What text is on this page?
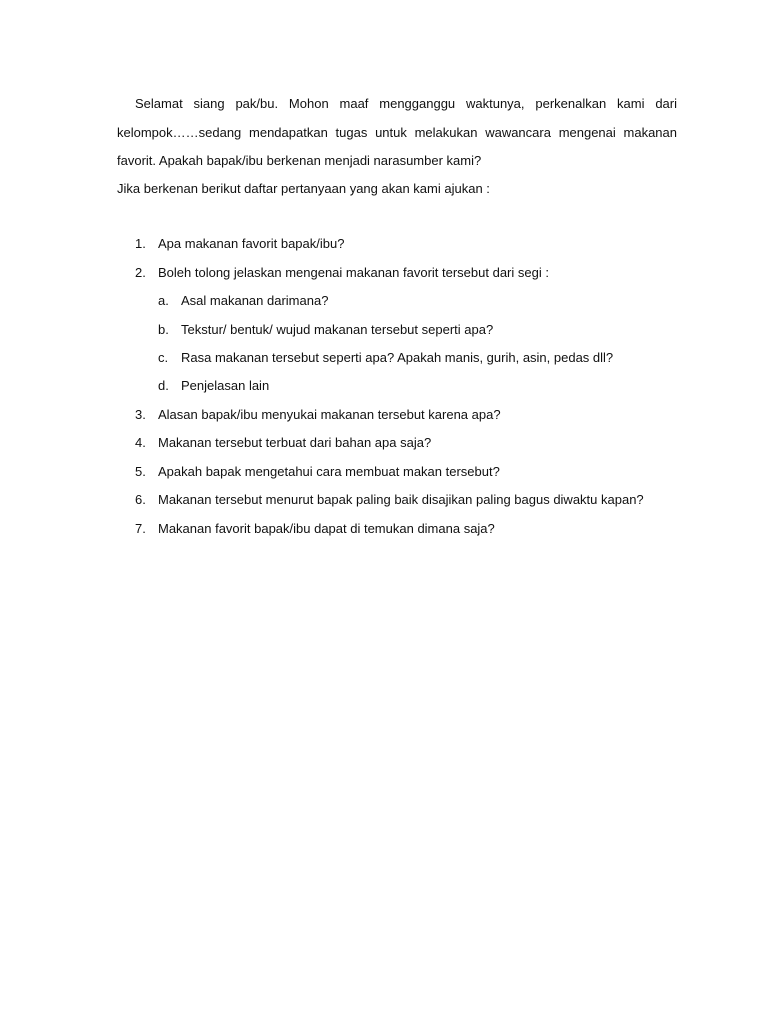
Selamat siang pak/bu. Mohon maaf mengganggu waktunya, perkenalkan kami dari kelompok……sedang mendapatkan tugas untuk melakukan wawancara mengenai makanan favorit. Apakah bapak/ibu berkenan menjadi narasumber kami?

Jika berkenan berikut daftar pertanyaan yang akan kami ajukan :

1. Apa makanan favorit bapak/ibu?
2. Boleh tolong jelaskan mengenai makanan favorit tersebut dari segi :
a. Asal makanan darimana?
b. Tekstur/ bentuk/ wujud makanan tersebut seperti apa?
c. Rasa makanan tersebut seperti apa? Apakah manis, gurih, asin, pedas dll?
d. Penjelasan lain
3. Alasan bapak/ibu menyukai makanan tersebut karena apa?
4. Makanan tersebut terbuat dari bahan apa saja?
5. Apakah bapak mengetahui cara membuat makan tersebut?
6. Makanan tersebut menurut bapak paling baik disajikan paling bagus diwaktu kapan?
7. Makanan favorit bapak/ibu dapat di temukan dimana saja?
